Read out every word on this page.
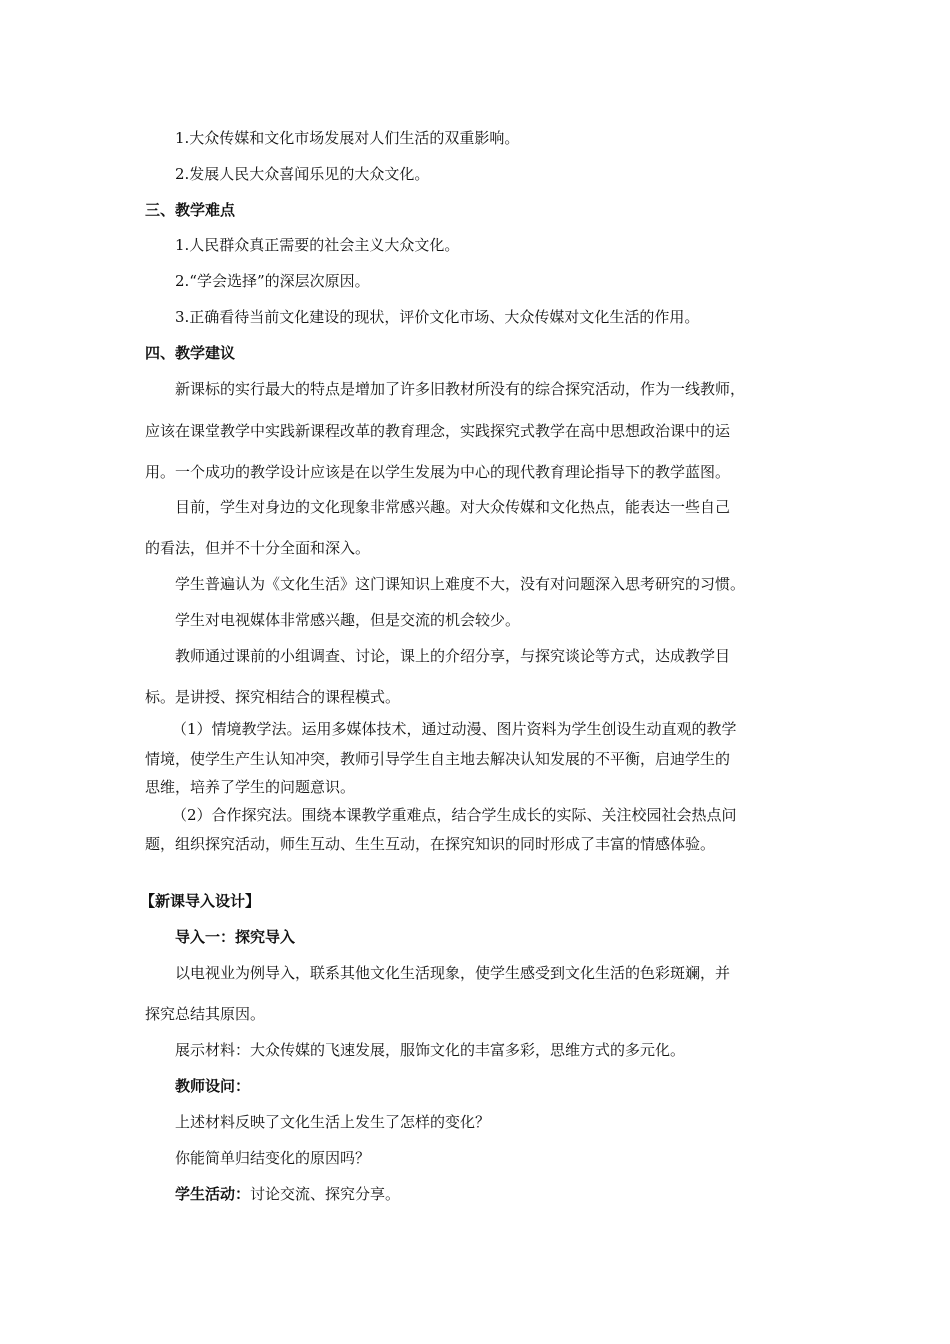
1.大众传媒和文化市场发展对人们生活的双重影响。
2.发展人民大众喜闻乐见的大众文化。
三、教学难点
1.人民群众真正需要的社会主义大众文化。
2.“学会选择”的深层次原因。
3.正确看待当前文化建设的现状，评价文化市场、大众传媒对文化生活的作用。
四、教学建议
新课标的实行最大的特点是增加了许多旧教材所没有的综合探究活动，作为一线教师，
应该在课堂教学中实践新课程改革的教育理念，实践探究式教学在高中思想政治课中的运
用。一个成功的教学设计应该是在以学生发展为中心的现代教育理论指导下的教学蓝图。
目前，学生对身边的文化现象非常感兴趣。对大众传媒和文化热点，能表达一些自己
的看法，但并不十分全面和深入。
学生普遍认为《文化生活》这门课知识上难度不大，没有对问题深入思考研究的习惯。
学生对电视媒体非常感兴趣，但是交流的机会较少。
教师通过课前的小组调查、讨论，课上的介绍分享，与探究谈论等方式，达成教学目
标。是讲授、探究相结合的课程模式。
（1）情境教学法。运用多媒体技术，通过动漫、图片资料为学生创设生动直观的教学
情境，使学生产生认知冲突，教师引导学生自主地去解决认知发展的不平衡，启迪学生的
思维，培养了学生的问题意识。
（2）合作探究法。围绕本课教学重难点，结合学生成长的实际、关注校园社会热点问
题，组织探究活动，师生互动、生生互动，在探究知识的同时形成了丰富的情感体验。
【新课导入设计】
导入一：探究导入
以电视业为例导入，联系其他文化生活现象，使学生感受到文化生活的色彩斑斓，并
探究总结其原因。
展示材料：大众传媒的飞速发展，服饰文化的丰富多彩，思维方式的多元化。
教师设问：
上述材料反映了文化生活上发生了怎样的变化？
你能简单归结变化的原因吗？
学生活动：讨论交流、探究分享。
